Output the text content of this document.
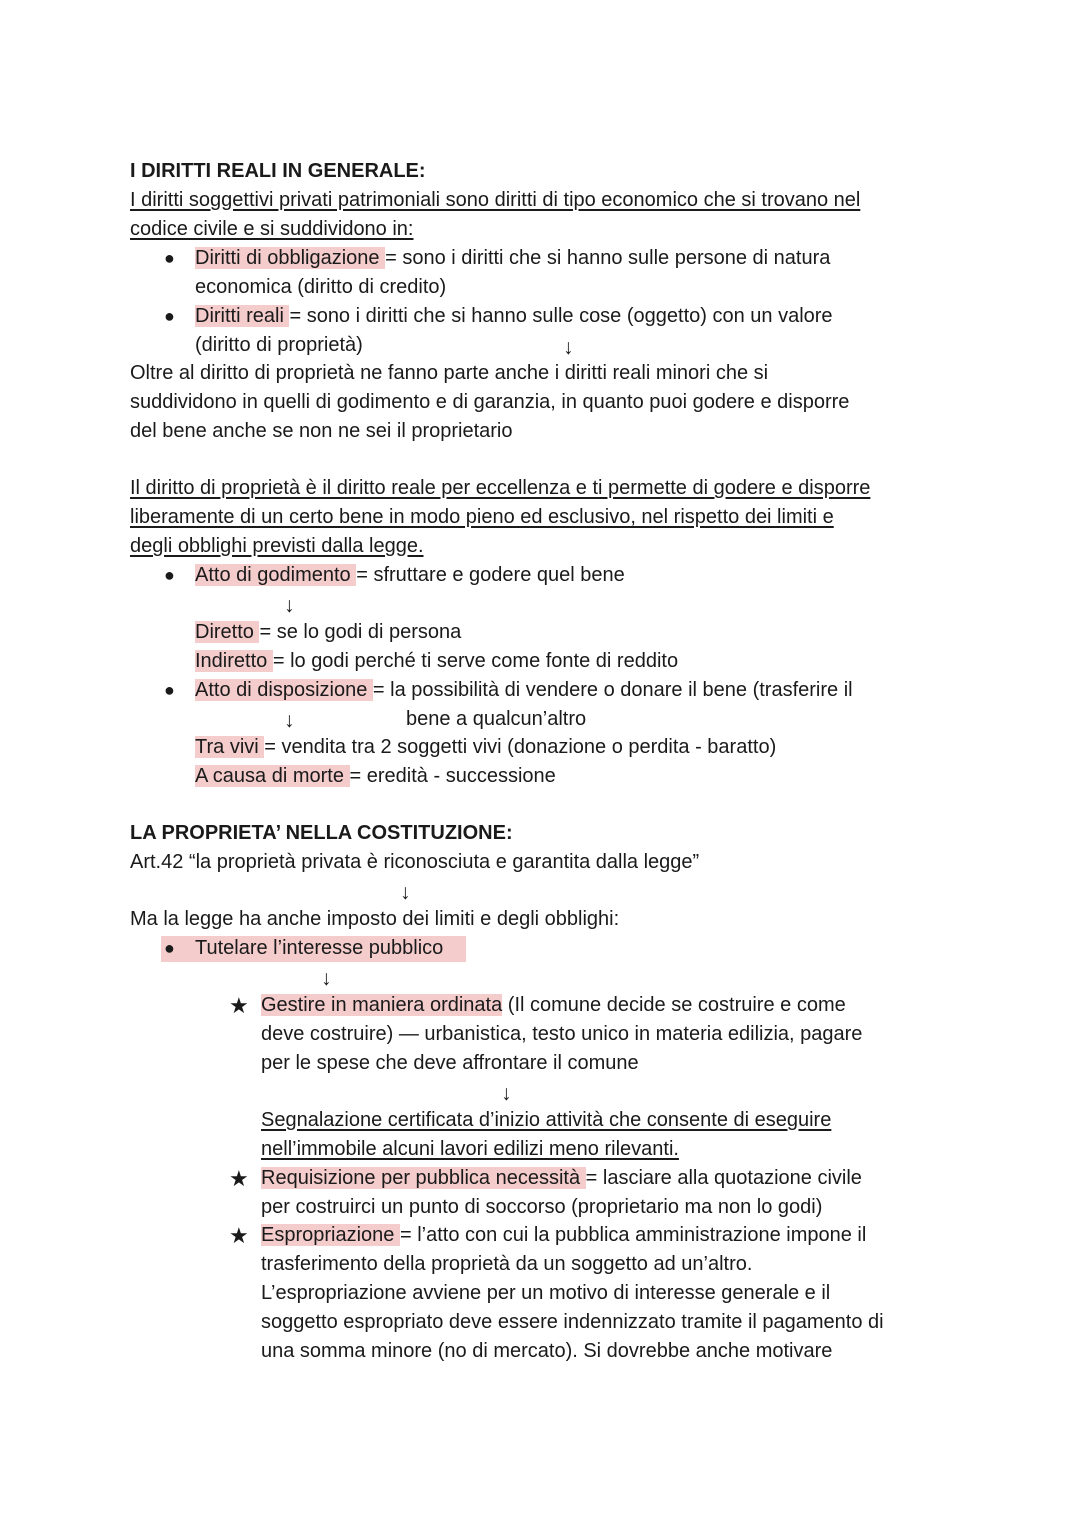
I DIRITTI REALI IN GENERALE:
I diritti soggettivi privati patrimoniali sono diritti di tipo economico che si trovano nel
codice civile e si suddividono in:
● Diritti di obbligazione = sono i diritti che si hanno sulle persone di natura
economica (diritto di credito)
● Diritti reali = sono i diritti che si hanno sulle cose (oggetto) con un valore
(diritto di proprietà)	↓
Oltre al diritto di proprietà ne fanno parte anche i diritti reali minori che si
suddividono in quelli di godimento e di garanzia, in quanto puoi godere e disporre
del bene anche se non ne sei il proprietario
Il diritto di proprietà è il diritto reale per eccellenza e ti permette di godere e disporre
liberamente di un certo bene in modo pieno ed esclusivo, nel rispetto dei limiti e
degli obblighi previsti dalla legge.
● Atto di godimento = sfruttare e godere quel bene
↓
Diretto = se lo godi di persona
Indiretto = lo godi perché ti serve come fonte di reddito
● Atto di disposizione = la possibilità di vendere o donare il bene (trasferire il
↓	bene a qualcun’altro
Tra vivi = vendita tra 2 soggetti vivi (donazione o perdita - baratto)
A causa di morte = eredità - successione
LA PROPRIETA’ NELLA COSTITUZIONE:
Art.42 “la proprietà privata è riconosciuta e garantita dalla legge”
↓
Ma la legge ha anche imposto dei limiti e degli obblighi:
● Tutelare l’interesse pubblico
↓
★ Gestire in maniera ordinata (Il comune decide se costruire e come
deve costruire) — urbanistica, testo unico in materia edilizia, pagare
per le spese che deve affrontare il comune
↓
Segnalazione certificata d’inizio attività che consente di eseguire
nell’immobile alcuni lavori edilizi meno rilevanti.
★ Requisizione per pubblica necessità = lasciare alla quotazione civile
per costruirci un punto di soccorso (proprietario ma non lo godi)
★ Espropriazione = l’atto con cui la pubblica amministrazione impone il
trasferimento della proprietà da un soggetto ad un’altro.
L’espropriazione avviene per un motivo di interesse generale e il
soggetto espropriato deve essere indennizzato tramite il pagamento di
una somma minore (no di mercato). Si dovrebbe anche motivare
